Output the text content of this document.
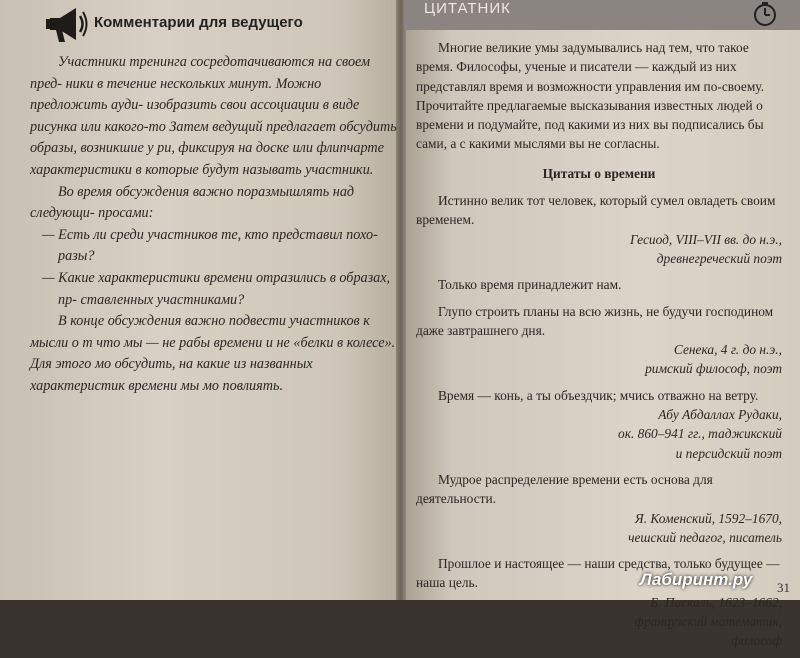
Комментарии для ведущего

Участники тренинга сосредотачиваются на своем пред- ники в течение нескольких минут. Можно предложить ауди- изобразить свои ассоциации в виде рисунка или какого-то Затем ведущий предлагает обсудить образы, возникшие у ри, фиксируя на доске или флипчарте характеристики в которые будут называть участники.

Во время обсуждения важно поразмышлять над следующи- просами:

— Есть ли среди участников те, кто представил похо- разы?

— Какие характеристики времени отразились в образах, пр- ставленных участниками?

В конце обсуждения важно подвести участников к мысли о т что мы — не рабы времени и не «белки в колесе». Для этого мо обсудить, на какие из названных характеристик времени мы мо повлиять.

ЦИТАТНИК

Многие великие умы задумывались над тем, что такое время. Философы, ученые и писатели — каждый из них представлял время и возможности управления им по-своему. Прочитайте предлагаемые высказывания известных людей о времени и подумайте, под какими из них вы подписались бы сами, а с какими мыслями вы не согласны.

Цитаты о времени

Истинно велик тот человек, который сумел овладеть своим временем.

Гесиод, VIII–VII вв. до н.э.,

древнегреческий поэт

Только время принадлежит нам.

Глупо строить планы на всю жизнь, не будучи господином даже завтрашнего дня.

Сенека, 4 г. до н.э.,

римский философ, поэт

Время — конь, а ты объездчик; мчись отважно на ветру.

Абу Абдаллах Рудаки,

ок. 860–941 гг., таджикский

и персидский поэт

Мудрое распределение времени есть основа для деятельности.

Я. Коменский, 1592–1670,

чешский педагог, писатель

Прошлое и настоящее — наши средства, только будущее — наша цель.

Б. Паскаль, 1623–1662,

французский математик,

философ

31
Лабиринт.ру
